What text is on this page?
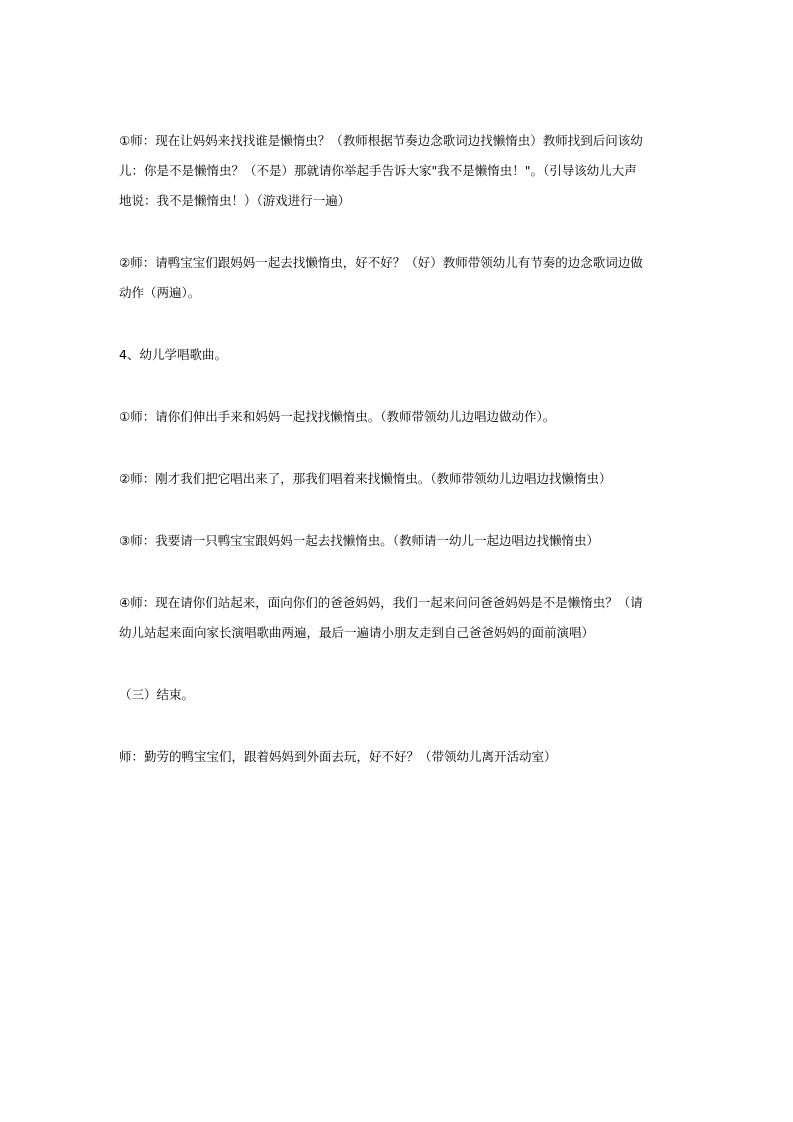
①师：现在让妈妈来找找谁是懒惰虫？（教师根据节奏边念歌词边找懒惰虫）教师找到后问该幼
儿：你是不是懒惰虫？（不是）那就请你举起手告诉大家"我不是懒惰虫！"。（引导该幼儿大声
地说：我不是懒惰虫！）（游戏进行一遍）

②师：请鸭宝宝们跟妈妈一起去找懒惰虫，好不好？（好）教师带领幼儿有节奏的边念歌词边做
动作（两遍）。

4、幼儿学唱歌曲。

①师：请你们伸出手来和妈妈一起找找懒惰虫。（教师带领幼儿边唱边做动作）。

②师：刚才我们把它唱出来了，那我们唱着来找懒惰虫。（教师带领幼儿边唱边找懒惰虫）

③师：我要请一只鸭宝宝跟妈妈一起去找懒惰虫。（教师请一幼儿一起边唱边找懒惰虫）

④师：现在请你们站起来，面向你们的爸爸妈妈，我们一起来问问爸爸妈妈是不是懒惰虫？（请
幼儿站起来面向家长演唱歌曲两遍，最后一遍请小朋友走到自己爸爸妈妈的面前演唱）

（三）结束。

师：勤劳的鸭宝宝们，跟着妈妈到外面去玩，好不好？（带领幼儿离开活动室）
